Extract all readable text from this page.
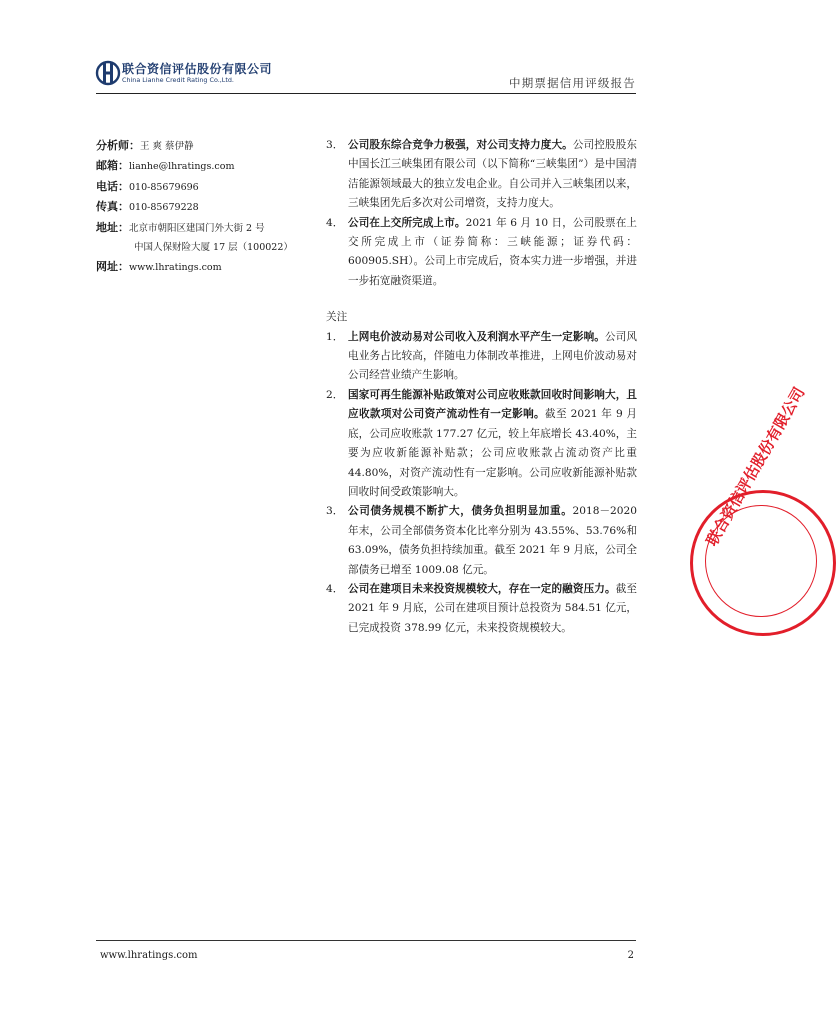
联合资信评估股份有限公司
China Lianhe Credit Rating Co.,Ltd.	中期票据信用评级报告
分析师：王 爽 蔡伊静
邮箱：lianhe@lhratings.com
电话：010-85679696
传真：010-85679228
地址：北京市朝阳区建国门外大街 2 号
中国人保财险大厦 17 层（100022）
网址：www.lhratings.com

3． 公司股东综合竞争力极强，对公司支持力度大。公司控股股东中国长江三峡集团有限公司（以下简称“三峡集团”）是中国清洁能源领域最大的独立发电企业。自公司并入三峡集团以来，三峡集团先后多次对公司增资，支持力度大。

4． 公司在上交所完成上市。2021 年 6 月 10 日，公司股票在上交所完成上市（证券简称：三峡能源；证券代码：600905.SH）。公司上市完成后，资本实力进一步增强，并进一步拓宽融资渠道。

关注

1． 上网电价波动易对公司收入及利润水平产生一定影响。公司风电业务占比较高，伴随电力体制改革推进，上网电价波动易对公司经营业绩产生影响。

2． 国家可再生能源补贴政策对公司应收账款回收时间影响大，且应收款项对公司资产流动性有一定影响。截至 2021 年 9 月底，公司应收账款 177.27 亿元，较上年底增长 43.40%，主要为应收新能源补贴款；公司应收账款占流动资产比重 44.80%，对资产流动性有一定影响。公司应收新能源补贴款回收时间受政策影响大。

3． 公司债务规模不断扩大，债务负担明显加重。2018－2020 年末，公司全部债务资本化比率分别为 43.55%、53.76%和 63.09%，债务负担持续加重。截至 2021 年 9 月底，公司全部债务已增至 1009.08 亿元。

4． 公司在建项目未来投资规模较大，存在一定的融资压力。截至 2021 年 9 月底，公司在建项目预计总投资为 584.51 亿元，已完成投资 378.99 亿元，未来投资规模较大。

联合资信评估股份有限公司
www.lhratings.com	2
